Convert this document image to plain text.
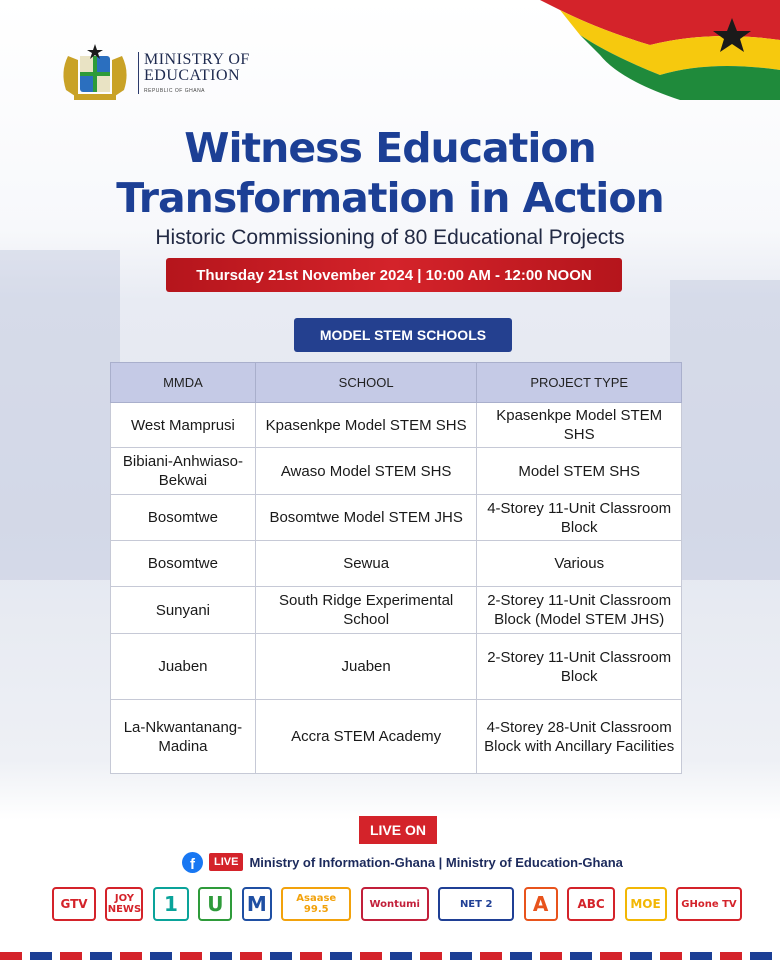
MINISTRY OF
EDUCATION
REPUBLIC OF GHANA
Witness Education
Transformation in Action
Historic Commissioning of 80 Educational Projects
Thursday 21st November 2024 | 10:00 AM - 12:00 NOON
MODEL STEM SCHOOLS
MMDA	SCHOOL	PROJECT TYPE
West Mamprusi	Kpasenkpe Model STEM SHS	Kpasenkpe Model STEM SHS
Bibiani-Anhwiaso-Bekwai	Awaso Model STEM SHS	Model STEM SHS
Bosomtwe	Bosomtwe Model STEM JHS	4-Storey 11-Unit Classroom Block
Bosomtwe	Sewua	Various
Sunyani	South Ridge Experimental School	2-Storey 11-Unit Classroom Block (Model STEM JHS)
Juaben	Juaben	2-Storey 11-Unit Classroom Block
La-Nkwantanang-Madina	Accra STEM Academy	4-Storey 28-Unit Classroom Block with Ancillary Facilities
LIVE ON
f	LIVE Ministry of Information-Ghana | Ministry of Education-Ghana
GTV	JOY NEWS	1	U	M	Asaase 99.5	Wontumi	NET 2	A	ABC	MOE	GHone TV
